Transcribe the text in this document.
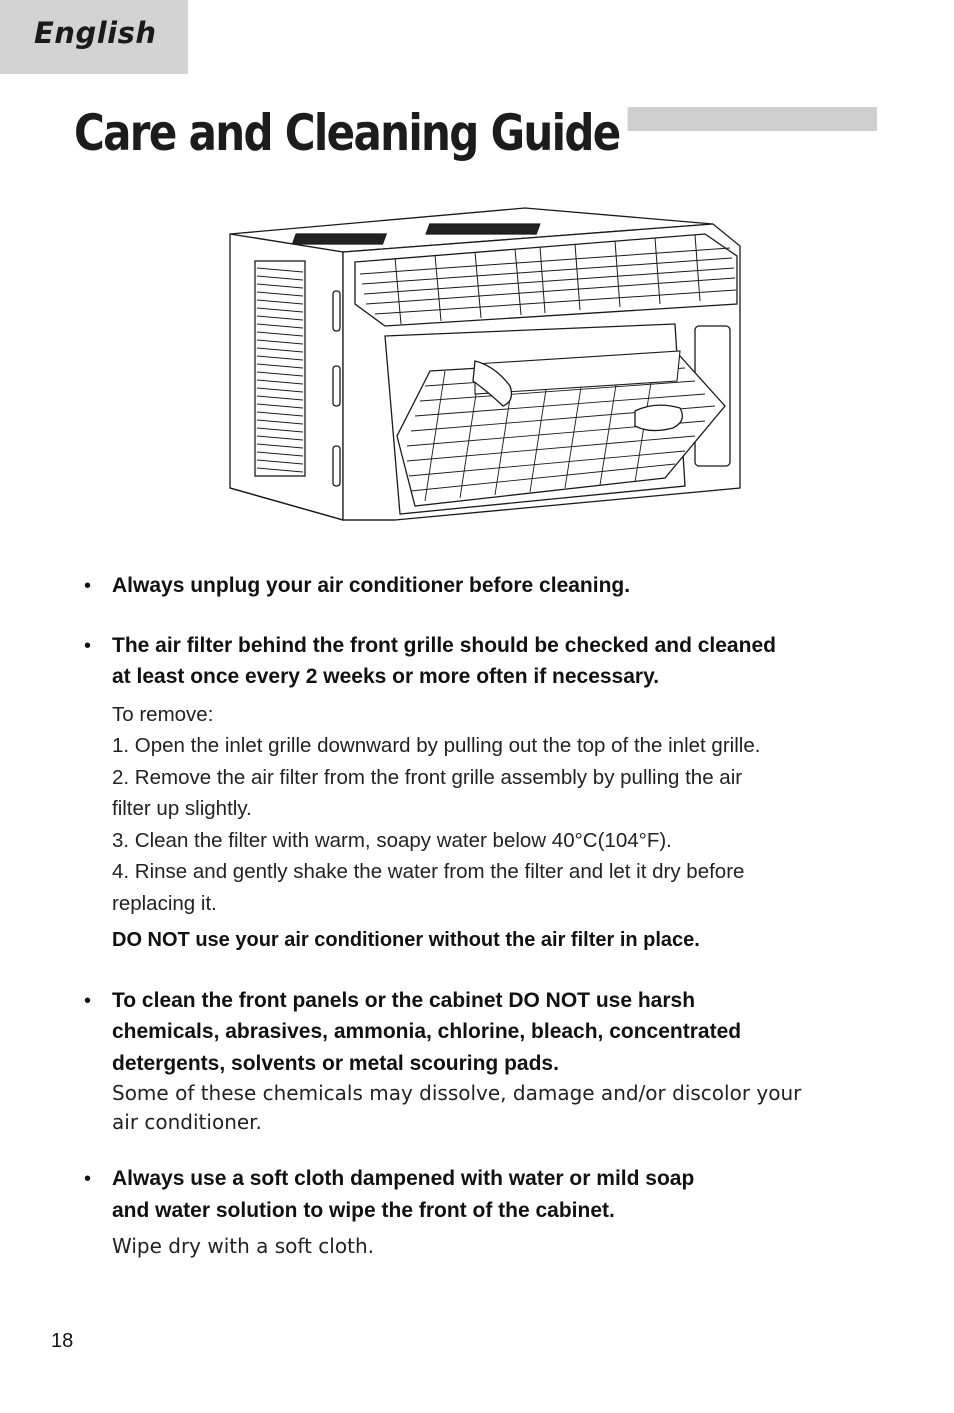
English
Care and Cleaning Guide
• Always unplug your air conditioner before cleaning.

• The air filter behind the front grille should be checked and cleaned

at least once every 2 weeks or more often if necessary.

To remove:

1. Open the inlet grille downward by pulling out the top of the inlet grille.

2. Remove the air filter from the front grille assembly by pulling the air

filter up slightly.

3. Clean the filter with warm, soapy water below 40°C(104°F).

4. Rinse and gently shake the water from the filter and let it dry before

replacing it.

DO NOT use your air conditioner without the air filter in place.

• To clean the front panels or the cabinet DO NOT use harsh

chemicals, abrasives, ammonia, chlorine, bleach, concentrated

detergents, solvents or metal scouring pads.

Some of these chemicals may dissolve, damage and/or discolor your

air conditioner.

• Always use a soft cloth dampened with water or mild soap

and water solution to wipe the front of the cabinet.

Wipe dry with a soft cloth.

18
